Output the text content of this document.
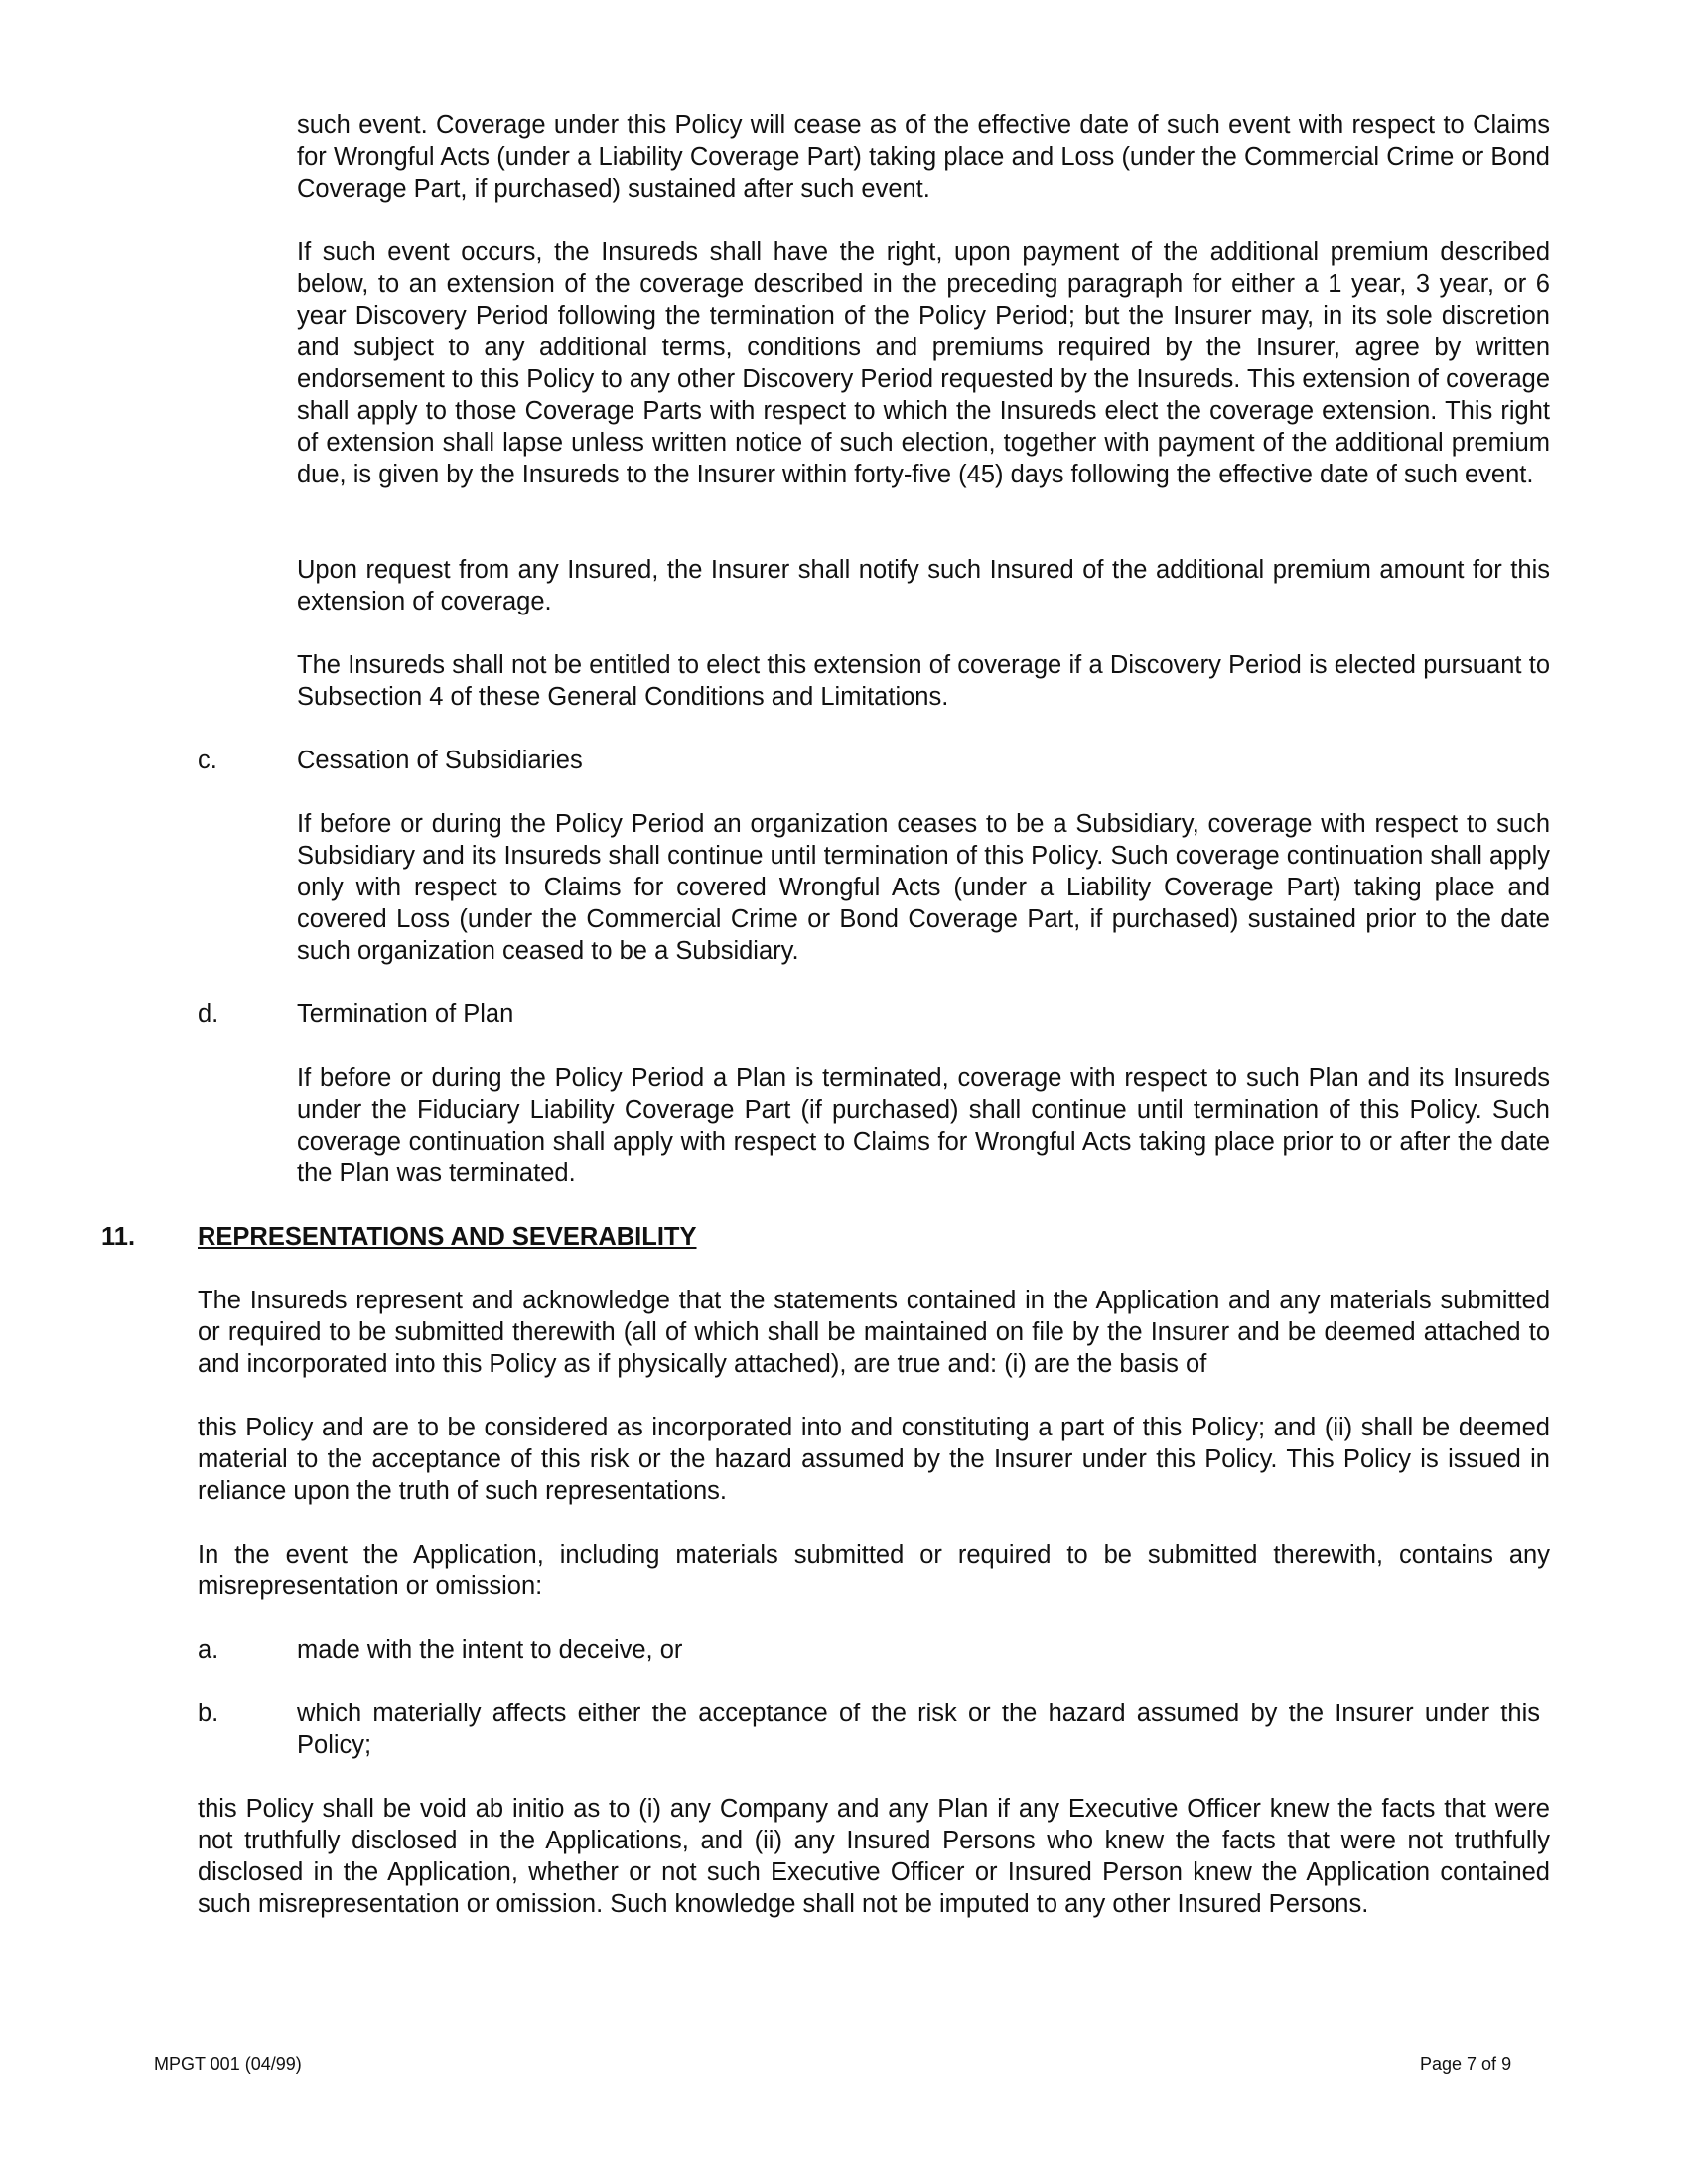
such event. Coverage under this Policy will cease as of the effective date of such event with respect to Claims for Wrongful Acts (under a Liability Coverage Part) taking place and Loss (under the Commercial Crime or Bond Coverage Part, if purchased) sustained after such event.

If such event occurs, the Insureds shall have the right, upon payment of the additional premium described below, to an extension of the coverage described in the preceding paragraph for either a 1 year, 3 year, or 6 year Discovery Period following the termination of the Policy Period; but the Insurer may, in its sole discretion and subject to any additional terms, conditions and premiums required by the Insurer, agree by written endorsement to this Policy to any other Discovery Period requested by the Insureds. This extension of coverage shall apply to those Coverage Parts with respect to which the Insureds elect the coverage extension. This right of extension shall lapse unless written notice of such election, together with payment of the additional premium due, is given by the Insureds to the Insurer within forty-five (45) days following the effective date of such event.

Upon request from any Insured, the Insurer shall notify such Insured of the additional premium amount for this extension of coverage.

The Insureds shall not be entitled to elect this extension of coverage if a Discovery Period is elected pursuant to Subsection 4 of these General Conditions and Limitations.

c.	Cessation of Subsidiaries

If before or during the Policy Period an organization ceases to be a Subsidiary, coverage with respect to such Subsidiary and its Insureds shall continue until termination of this Policy. Such coverage continuation shall apply only with respect to Claims for covered Wrongful Acts (under a Liability Coverage Part) taking place and covered Loss (under the Commercial Crime or Bond Coverage Part, if purchased) sustained prior to the date such organization ceased to be a Subsidiary.

d.	Termination of Plan

If before or during the Policy Period a Plan is terminated, coverage with respect to such Plan and its Insureds under the Fiduciary Liability Coverage Part (if purchased) shall continue until termination of this Policy. Such coverage continuation shall apply with respect to Claims for Wrongful Acts taking place prior to or after the date the Plan was terminated.

11. REPRESENTATIONS AND SEVERABILITY

The Insureds represent and acknowledge that the statements contained in the Application and any materials submitted or required to be submitted therewith (all of which shall be maintained on file by the Insurer and be deemed attached to and incorporated into this Policy as if physically attached), are true and: (i) are the basis of

this Policy and are to be considered as incorporated into and constituting a part of this Policy; and (ii) shall be deemed material to the acceptance of this risk or the hazard assumed by the Insurer under this Policy. This Policy is issued in reliance upon the truth of such representations.

In the event the Application, including materials submitted or required to be submitted therewith, contains any misrepresentation or omission:

a.	made with the intent to deceive, or

b.	which materially affects either the acceptance of the risk or the hazard assumed by the Insurer under this Policy;

this Policy shall be void ab initio as to (i) any Company and any Plan if any Executive Officer knew the facts that were not truthfully disclosed in the Applications, and (ii) any Insured Persons who knew the facts that were not truthfully disclosed in the Application, whether or not such Executive Officer or Insured Person knew the Application contained such misrepresentation or omission. Such knowledge shall not be imputed to any other Insured Persons.

MPGT 001 (04/99)	Page 7 of 9
